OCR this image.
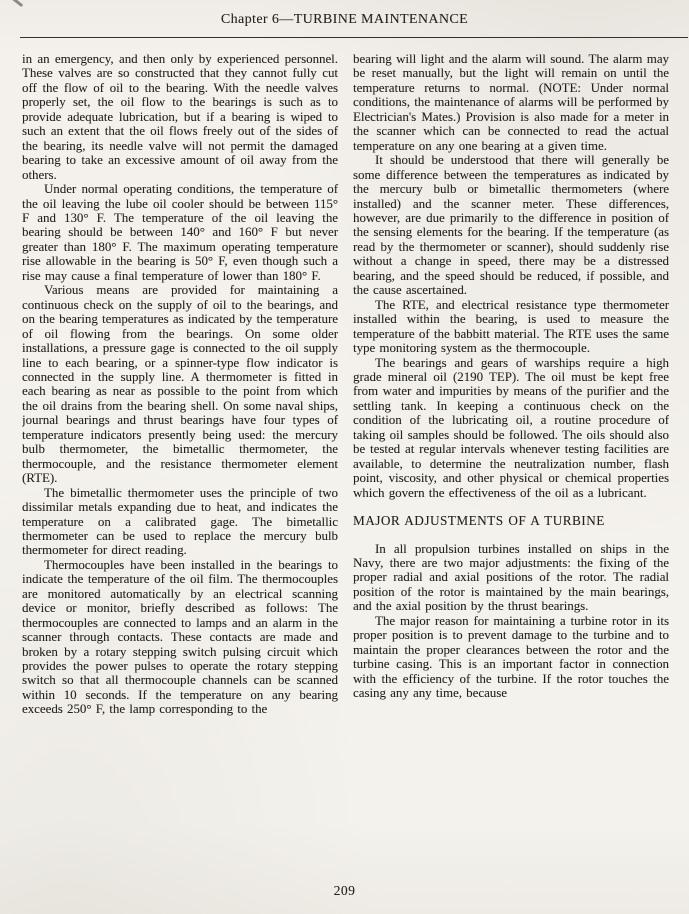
Chapter 6—TURBINE MAINTENANCE

in an emergency, and then only by experienced personnel. These valves are so constructed that they cannot fully cut off the flow of oil to the bearing. With the needle valves properly set, the oil flow to the bearings is such as to provide adequate lubrication, but if a bearing is wiped to such an extent that the oil flows freely out of the sides of the bearing, its needle valve will not permit the damaged bearing to take an excessive amount of oil away from the others.

Under normal operating conditions, the temperature of the oil leaving the lube oil cooler should be between 115° F and 130° F. The temperature of the oil leaving the bearing should be between 140° and 160° F but never greater than 180° F. The maximum operating temperature rise allowable in the bearing is 50° F, even though such a rise may cause a final temperature of lower than 180° F.

Various means are provided for maintaining a continuous check on the supply of oil to the bearings, and on the bearing temperatures as indicated by the temperature of oil flowing from the bearings. On some older installations, a pressure gage is connected to the oil supply line to each bearing, or a spinner-type flow indicator is connected in the supply line. A thermometer is fitted in each bearing as near as possible to the point from which the oil drains from the bearing shell. On some naval ships, journal bearings and thrust bearings have four types of temperature indicators presently being used: the mercury bulb thermometer, the bimetallic thermometer, the thermocouple, and the resistance thermometer element (RTE).

The bimetallic thermometer uses the principle of two dissimilar metals expanding due to heat, and indicates the temperature on a calibrated gage. The bimetallic thermometer can be used to replace the mercury bulb thermometer for direct reading.

Thermocouples have been installed in the bearings to indicate the temperature of the oil film. The thermocouples are monitored automatically by an electrical scanning device or monitor, briefly described as follows: The thermocouples are connected to lamps and an alarm in the scanner through contacts. These contacts are made and broken by a rotary stepping switch pulsing circuit which provides the power pulses to operate the rotary stepping switch so that all thermocouple channels can be scanned within 10 seconds. If the temperature on any bearing exceeds 250° F, the lamp corresponding to the

bearing will light and the alarm will sound. The alarm may be reset manually, but the light will remain on until the temperature returns to normal. (NOTE: Under normal conditions, the maintenance of alarms will be performed by Electrician's Mates.) Provision is also made for a meter in the scanner which can be connected to read the actual temperature on any one bearing at a given time.

It should be understood that there will generally be some difference between the temperatures as indicated by the mercury bulb or bimetallic thermometers (where installed) and the scanner meter. These differences, however, are due primarily to the difference in position of the sensing elements for the bearing. If the temperature (as read by the thermometer or scanner), should suddenly rise without a change in speed, there may be a distressed bearing, and the speed should be reduced, if possible, and the cause ascertained.

The RTE, and electrical resistance type thermometer installed within the bearing, is used to measure the temperature of the babbitt material. The RTE uses the same type monitoring system as the thermocouple.

The bearings and gears of warships require a high grade mineral oil (2190 TEP). The oil must be kept free from water and impurities by means of the purifier and the settling tank. In keeping a continuous check on the condition of the lubricating oil, a routine procedure of taking oil samples should be followed. The oils should also be tested at regular intervals whenever testing facilities are available, to determine the neutralization number, flash point, viscosity, and other physical or chemical properties which govern the effectiveness of the oil as a lubricant.

MAJOR ADJUSTMENTS OF A TURBINE

In all propulsion turbines installed on ships in the Navy, there are two major adjustments: the fixing of the proper radial and axial positions of the rotor. The radial position of the rotor is maintained by the main bearings, and the axial position by the thrust bearings.

The major reason for maintaining a turbine rotor in its proper position is to prevent damage to the turbine and to maintain the proper clearances between the rotor and the turbine casing. This is an important factor in connection with the efficiency of the turbine. If the rotor touches the casing any any time, because

209
